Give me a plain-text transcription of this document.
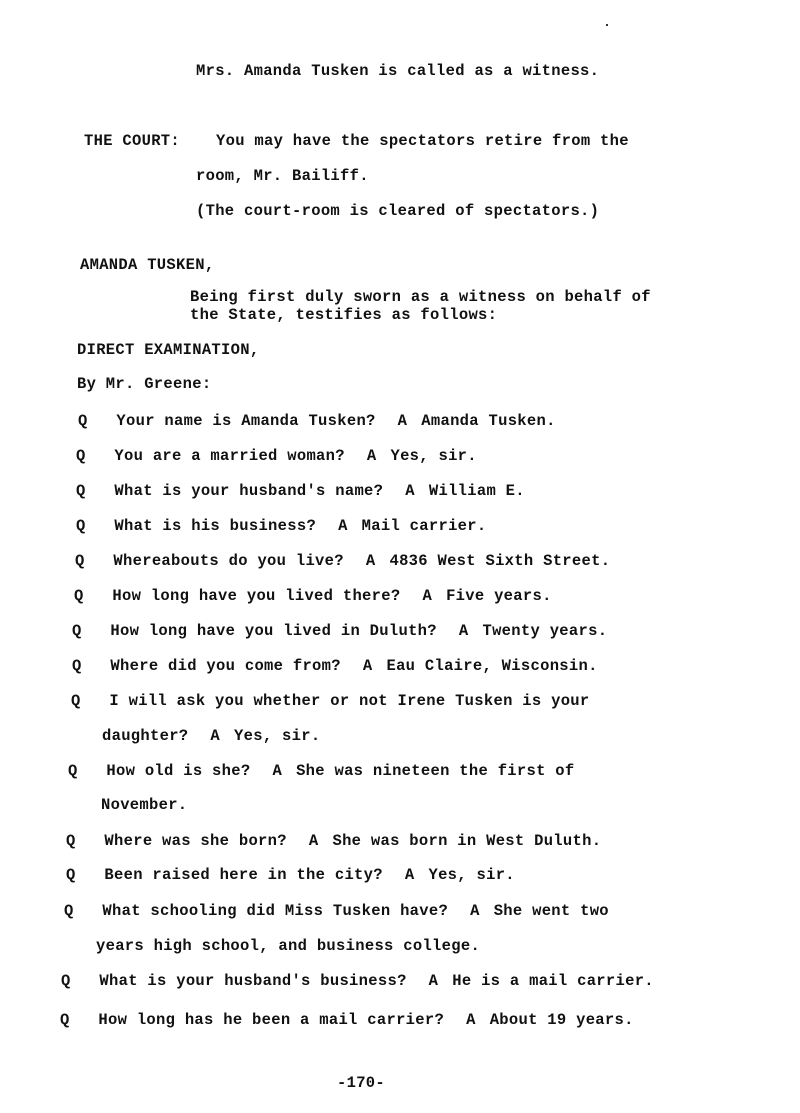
Mrs. Amanda Tusken is called as a witness.
THE COURT: You may have the spectators retire from the
room, Mr. Bailiff.
(The court-room is cleared of spectators.)
AMANDA TUSKEN,
Being first duly sworn as a witness on behalf of
the State, testifies as follows:
DIRECT EXAMINATION,
By Mr. Greene:
Q Your name is Amanda Tusken? A Amanda Tusken.
Q You are a married woman? A Yes, sir.
Q What is your husband's name? A William E.
Q What is his business? A Mail carrier.
Q Whereabouts do you live? A 4836 West Sixth Street.
Q How long have you lived there? A Five years.
Q How long have you lived in Duluth? A Twenty years.
Q Where did you come from? A Eau Claire, Wisconsin.
Q I will ask you whether or not Irene Tusken is your
daughter? A Yes, sir.
Q How old is she? A She was nineteen the first of
November.
Q Where was she born? A She was born in West Duluth.
Q Been raised here in the city? A Yes, sir.
Q What schooling did Miss Tusken have? A She went two
years high school, and business college.
Q What is your husband's business? A He is a mail carrier.
Q How long has he been a mail carrier? A About 19 years.
-170-
